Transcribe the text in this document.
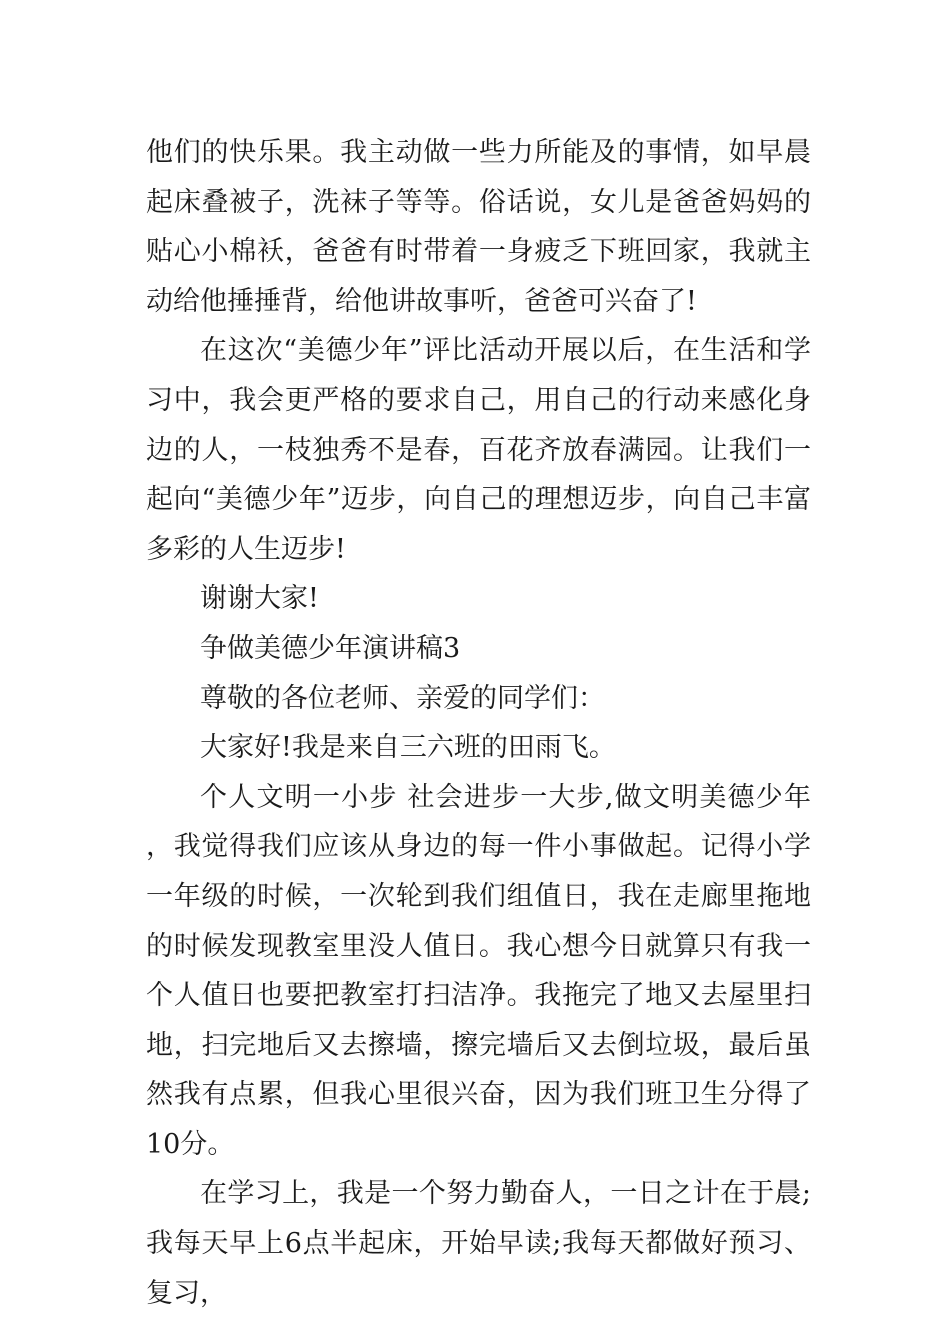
他们的快乐果。我主动做一些力所能及的事情，如早晨起床叠被子，洗袜子等等。俗话说，女儿是爸爸妈妈的贴心小棉袄，爸爸有时带着一身疲乏下班回家，我就主 动给他捶捶背，给他讲故事听，爸爸可兴奋了!

在这次“美德少年”评比活动开展以后，在生活和学习中，我会更严格的要求自己，用自己的行动来感化身边的人，一枝独秀不是春，百花齐放春满园。让我们一起向“美德少年”迈步，向自己的理想迈步，向自己丰富多彩的人生迈步!

谢谢大家!

争做美德少年演讲稿3

尊敬的各位老师、亲爱的同学们：

大家好!我是来自三六班的田雨飞。

个人文明一小步 社会进步一大步,做文明美德少年，我觉得我们应该从身边的每一件小事做起。记得小学一年级的时候，一次轮到我们组值日，我在走廊里拖地的时候发现教室里没人值日。我心想今日就算只有我一个人值日也要把教室打扫洁净。我拖完了地又去屋里扫地，扫完地后又去擦墙，擦完墙后又去倒垃圾，最后虽然我有点累，但我心里很兴奋，因为我们班卫生分得了10分。

在学习上，我是一个努力勤奋人，一日之计在于晨;我每天早上6点半起床，开始早读;我每天都做好预习、复习，
